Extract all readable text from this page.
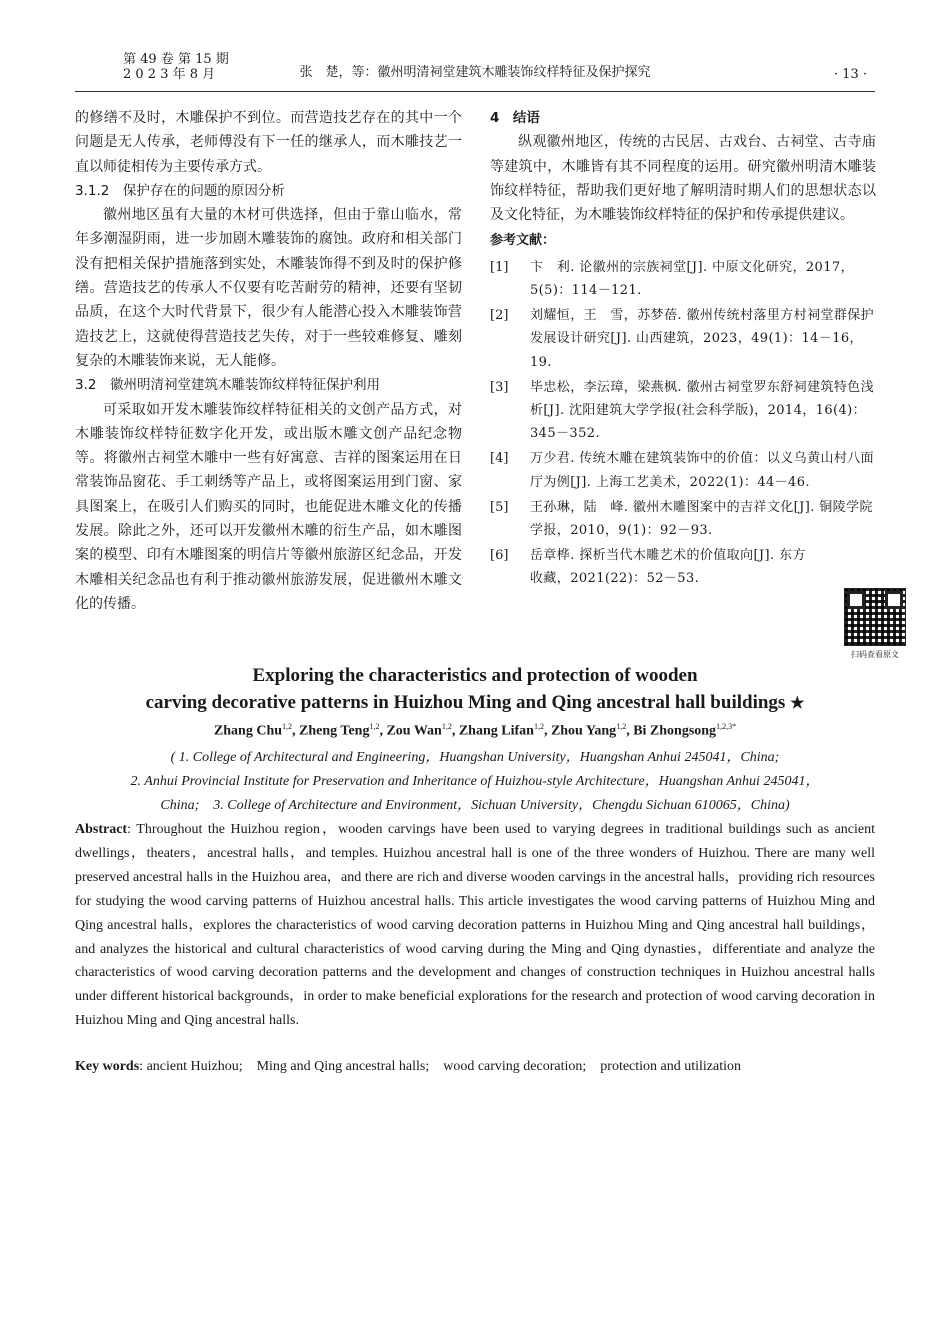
第 49 卷 第 15 期
2 0 2 3 年 8 月	张　楚，等：徽州明清祠堂建筑木雕装饰纹样特征及保护探究	· 13 ·

的修缮不及时，木雕保护不到位。而营造技艺存在的其中一个问题是无人传承，老师傅没有下一任的继承人，而木雕技艺一直以师徒相传为主要传承方式。

3.1.2　保护存在的问题的原因分析

徽州地区虽有大量的木材可供选择，但由于靠山临水，常年多潮湿阴雨，进一步加剧木雕装饰的腐蚀。政府和相关部门没有把相关保护措施落到实处，木雕装饰得不到及时的保护修缮。营造技艺的传承人不仅要有吃苦耐劳的精神，还要有坚韧品质，在这个大时代背景下，很少有人能潜心投入木雕装饰营造技艺上，这就使得营造技艺失传，对于一些较难修复、雕刻复杂的木雕装饰来说，无人能修。

3.2　徽州明清祠堂建筑木雕装饰纹样特征保护利用

可采取如开发木雕装饰纹样特征相关的文创产品方式，对木雕装饰纹样特征数字化开发，或出版木雕文创产品纪念物等。将徽州古祠堂木雕中一些有好寓意、吉祥的图案运用在日常装饰品窗花、手工刺绣等产品上，或将图案运用到门窗、家具图案上，在吸引人们购买的同时，也能促进木雕文化的传播发展。除此之外，还可以开发徽州木雕的衍生产品，如木雕图案的模型、印有木雕图案的明信片等徽州旅游区纪念品，开发木雕相关纪念品也有利于推动徽州旅游发展，促进徽州木雕文化的传播。

4　结语

纵观徽州地区，传统的古民居、古戏台、古祠堂、古寺庙等建筑中，木雕皆有其不同程度的运用。研究徽州明清木雕装饰纹样特征，帮助我们更好地了解明清时期人们的思想状态以及文化特征，为木雕装饰纹样特征的保护和传承提供建议。

参考文献：
[1]	卞　利. 论徽州的宗族祠堂[J]. 中原文化研究，2017，5(5)：114－121.
[2]	刘耀恒，王　雪，苏梦蓓. 徽州传统村落里方村祠堂群保护发展设计研究[J]. 山西建筑，2023，49(1)：14－16，19.
[3]	毕忠松，李沄璋，梁燕枫. 徽州古祠堂罗东舒祠建筑特色浅析[J]. 沈阳建筑大学学报(社会科学版)，2014，16(4)：345－352.
[4]	万少君. 传统木雕在建筑装饰中的价值：以义乌黄山村八面厅为例[J]. 上海工艺美术，2022(1)：44－46.
[5]	王孙琳，陆　峰. 徽州木雕图案中的吉祥文化[J]. 铜陵学院学报，2010，9(1)：92－93.
[6]	岳章桦. 探析当代木雕艺术的价值取向[J]. 东方收藏，2021(22)：52－53.
扫码查看原文
Exploring the characteristics and protection of wooden
carving decorative patterns in Huizhou Ming and Qing ancestral hall buildings ★
Zhang Chu$^{1,2}$, Zheng Teng$^{1,2}$, Zou Wan$^{1,2}$, Zhang Lifan$^{1,2}$, Zhou Yang$^{1,2}$, Bi Zhongsong$^{1,2,3*}$
( 1. College of Architectural and Engineering，Huangshan University，Huangshan Anhui 245041，China;
2. Anhui Provincial Institute for Preservation and Inheritance of Huizhou-style Architecture，Huangshan Anhui 245041，
China;　3. College of Architecture and Environment，Sichuan University，Chengdu Sichuan 610065，China)
Abstract: Throughout the Huizhou region，wooden carvings have been used to varying degrees in traditional buildings such as ancient dwellings，theaters，ancestral halls，and temples. Huizhou ancestral hall is one of the three wonders of Huizhou. There are many well preserved ancestral halls in the Huizhou area，and there are rich and diverse wooden carvings in the ancestral halls，providing rich resources for studying the wood carving patterns of Huizhou ancestral halls. This article investigates the wood carving patterns of Huizhou Ming and Qing ancestral halls，explores the characteristics of wood carving decoration patterns in Huizhou Ming and Qing ancestral hall buildings，and analyzes the historical and cultural characteristics of wood carving during the Ming and Qing dynasties，differentiate and analyze the characteristics of wood carving decoration patterns and the development and changes of construction techniques in Huizhou ancestral halls under different historical backgrounds，in order to make beneficial explorations for the research and protection of wood carving decoration in Huizhou Ming and Qing ancestral halls.
Key words: ancient Huizhou;　Ming and Qing ancestral halls;　wood carving decoration;　protection and utilization
